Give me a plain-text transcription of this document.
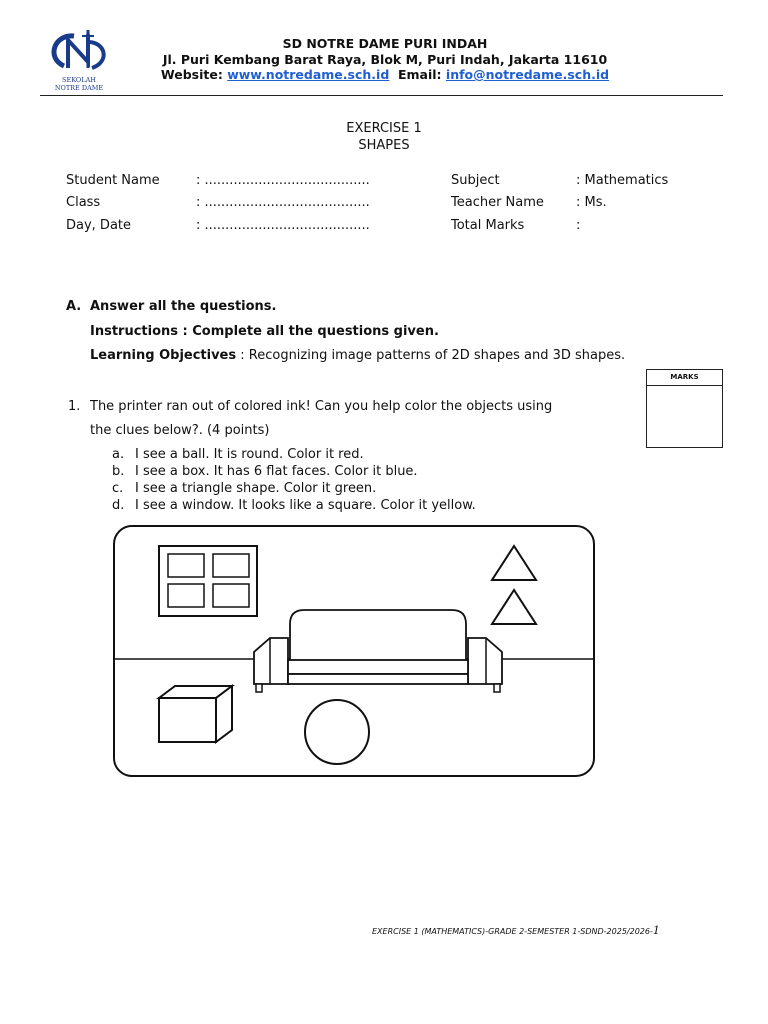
SEKOLAH
NOTRE DAME
SD NOTRE DAME PURI INDAH
Jl. Puri Kembang Barat Raya, Blok M, Puri Indah, Jakarta 11610
Website: www.notredame.sch.id Email: info@notredame.sch.id
EXERCISE 1
SHAPES
Student Name	: ........................................
Class	: ........................................
Day, Date	: ........................................
Subject	: Mathematics
Teacher Name : Ms.
Total Marks	:
A. Answer all the questions.
Instructions : Complete all the questions given.
Learning Objectives : Recognizing image patterns of 2D shapes and 3D shapes.
MARKS
1. The printer ran out of colored ink! Can you help color the objects using
the clues below?. (4 points)
a. I see a ball. It is round. Color it red.
b. I see a box. It has 6 flat faces. Color it blue.
c. I see a triangle shape. Color it green.
d. I see a window. It looks like a square. Color it yellow.
EXERCISE 1 (MATHEMATICS)-GRADE 2-SEMESTER 1-SDND-2025/2026-1
